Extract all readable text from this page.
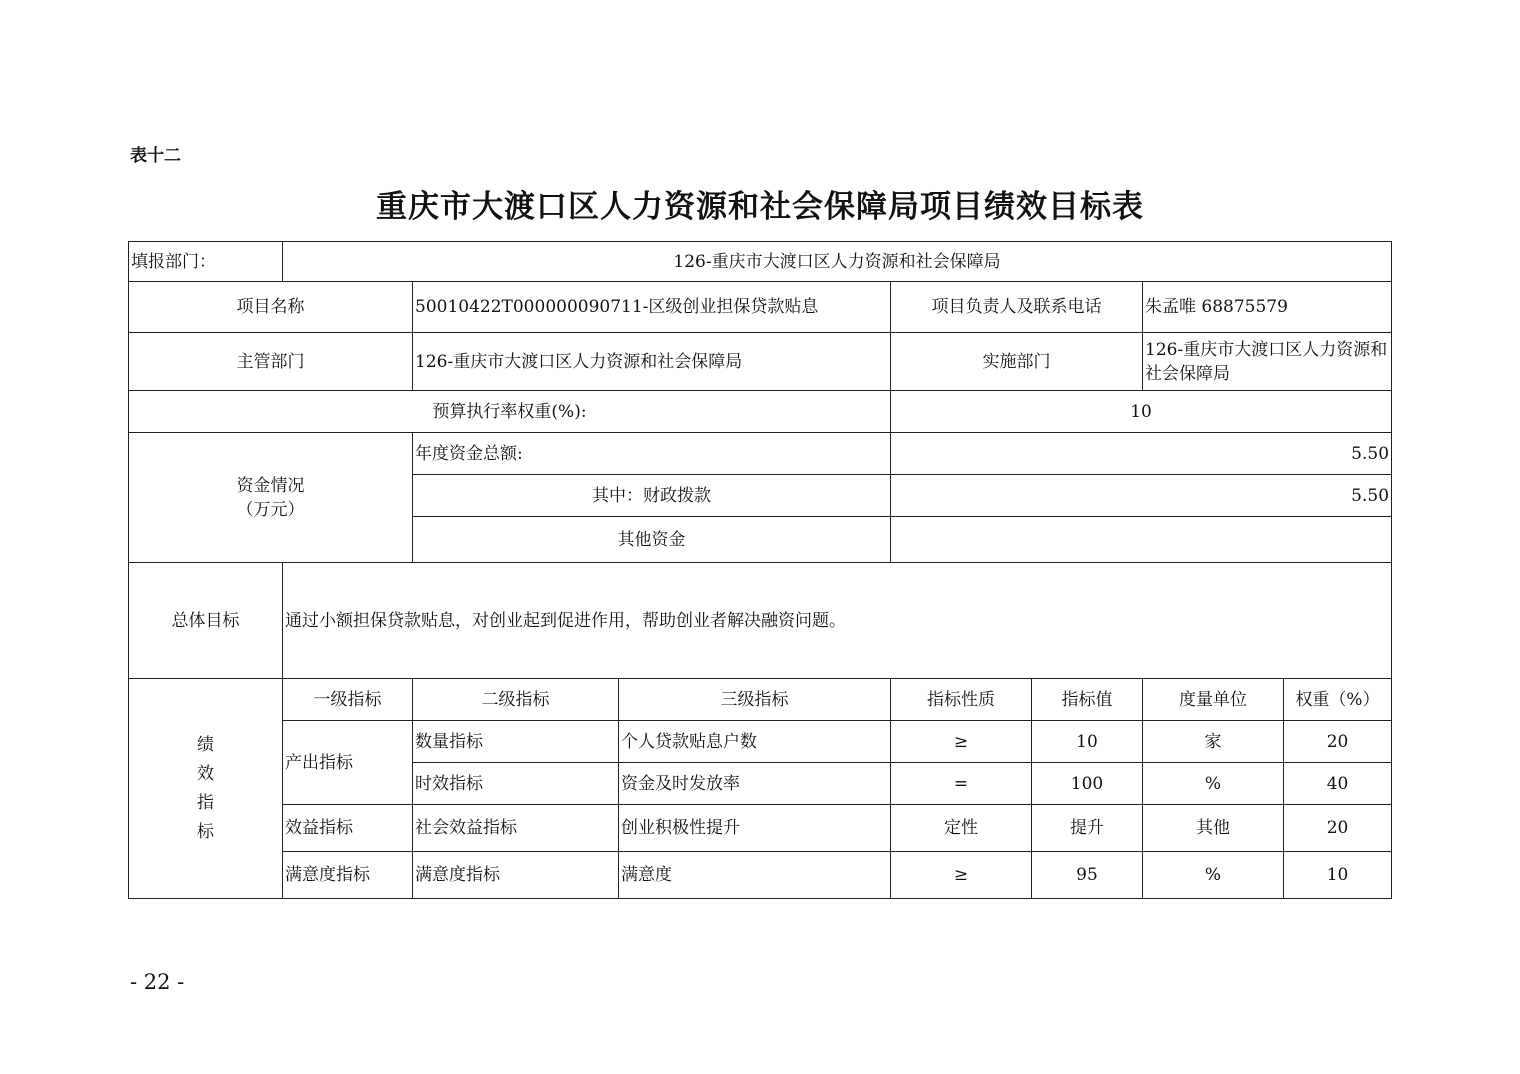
表十二
重庆市大渡口区人力资源和社会保障局项目绩效目标表
填报部门：	126-重庆市大渡口区人力资源和社会保障局						
项目名称		50010422T000000090711-区级创业担保贷款贴息		项目负责人及联系电话		朱孟唯 68875579	
主管部门		126-重庆市大渡口区人力资源和社会保障局		实施部门		126-重庆市大渡口区人力资源和社会保障局	
预算执行率权重(%):				10			

资金情况
（万元）		年度资金总额:		5.50			
		其中：财政拨款		5.50			
		其他资金					
总体目标	通过小额担保贷款贴息，对创业起到促进作用，帮助创业者解决融资问题。						

绩
效
指
标	一级指标	二级指标	三级指标	指标性质	指标值	度量单位	权重（%）
	产出指标	数量指标	个人贷款贴息户数	≥	10	家	20
		时效指标	资金及时发放率	=	100	%	40
	效益指标	社会效益指标	创业积极性提升	定性	提升	其他	20
	满意度指标	满意度指标	满意度	≥	95	%	10
- 22 -
